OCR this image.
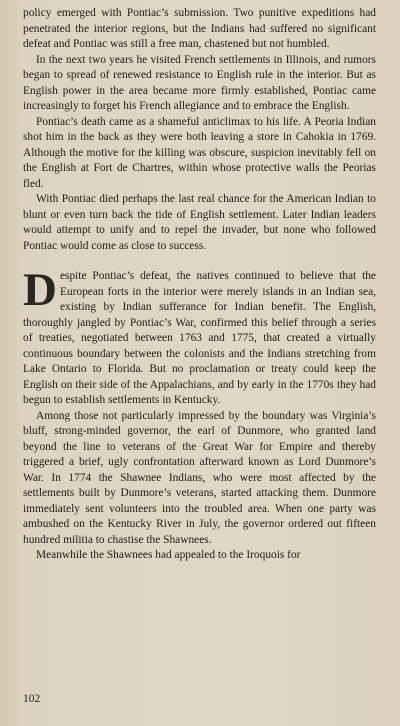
policy emerged with Pontiac’s submission. Two punitive expeditions had penetrated the interior regions, but the Indians had suffered no significant defeat and Pontiac was still a free man, chastened but not humbled.

In the next two years he visited French settlements in Illinois, and rumors began to spread of renewed resistance to English rule in the interior. But as English power in the area became more firmly established, Pontiac came increasingly to forget his French allegiance and to embrace the English.

Pontiac’s death came as a shameful anticlimax to his life. A Peoria Indian shot him in the back as they were both leaving a store in Cahokia in 1769. Although the motive for the killing was obscure, suspicion inevitably fell on the English at Fort de Chartres, within whose protective walls the Peorias fled.

With Pontiac died perhaps the last real chance for the American Indian to blunt or even turn back the tide of English settlement. Later Indian leaders would attempt to unify and to repel the invader, but none who followed Pontiac would come as close to success.

Despite Pontiac’s defeat, the natives continued to believe that the European forts in the interior were merely islands in an Indian sea, existing by Indian sufferance for Indian benefit. The English, thoroughly jangled by Pontiac’s War, confirmed this belief through a series of treaties, negotiated between 1763 and 1775, that created a virtually continuous boundary between the colonists and the Indians stretching from Lake Ontario to Florida. But no proclamation or treaty could keep the English on their side of the Appalachians, and by early in the 1770s they had begun to establish settlements in Kentucky.

Among those not particularly impressed by the boundary was Virginia’s bluff, strong-minded governor, the earl of Dunmore, who granted land beyond the line to veterans of the Great War for Empire and thereby triggered a brief, ugly confrontation afterward known as Lord Dunmore’s War. In 1774 the Shawnee Indians, who were most affected by the settlements built by Dunmore’s veterans, started attacking them. Dunmore immediately sent volunteers into the troubled area. When one party was ambushed on the Kentucky River in July, the governor ordered out fifteen hundred militia to chastise the Shawnees.

Meanwhile the Shawnees had appealed to the Iroquois for

102
